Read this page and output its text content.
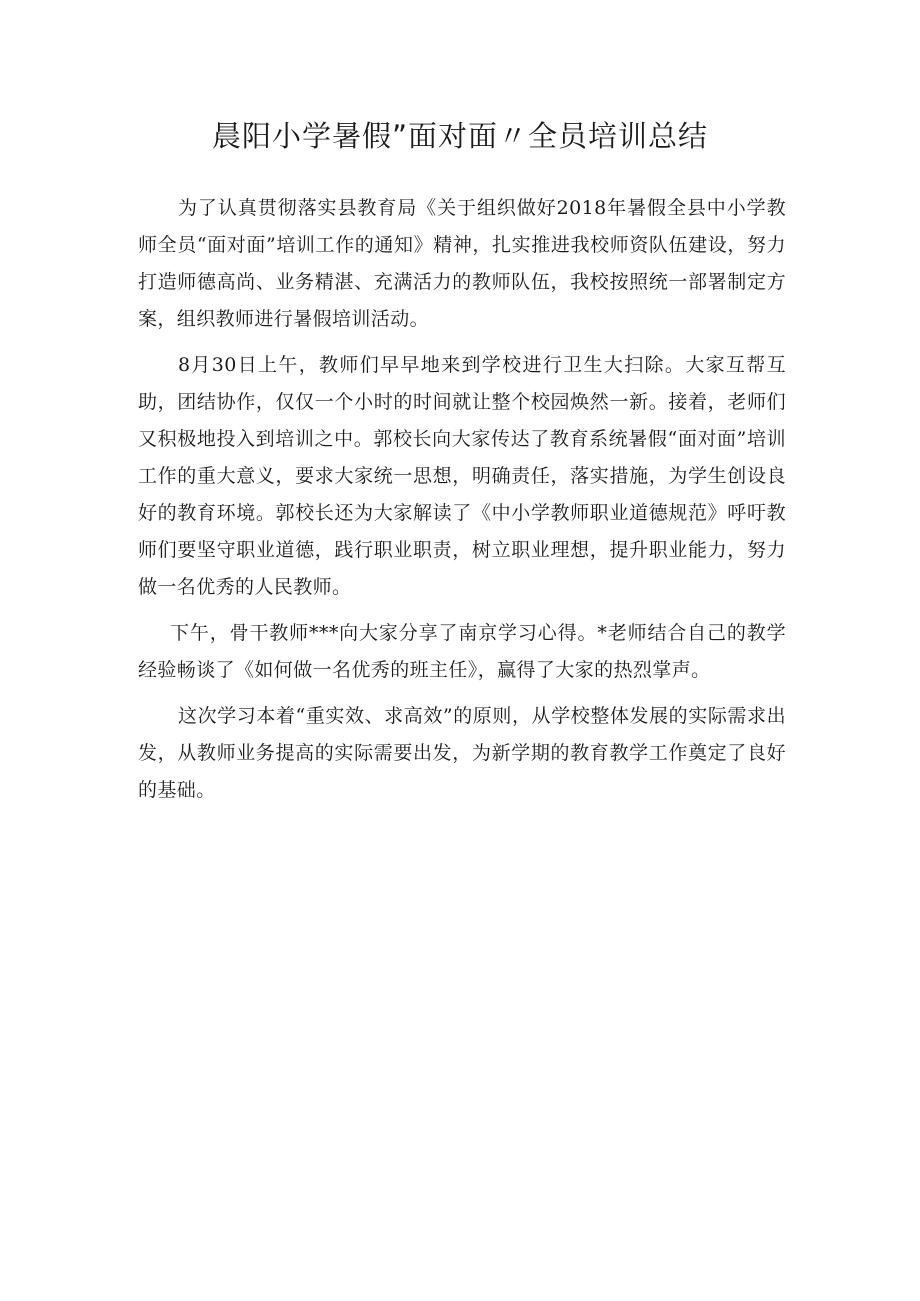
晨阳小学暑假”面对面〃全员培训总结

为了认真贯彻落实县教育局《关于组织做好2018年暑假全县中小学教师全员“面对面”培训工作的通知》精神，扎实推进我校师资队伍建设，努力打造师德高尚、业务精湛、充满活力的教师队伍，我校按照统一部署制定方案，组织教师进行暑假培训活动。

8月30日上午，教师们早早地来到学校进行卫生大扫除。大家互帮互助，团结协作，仅仅一个小时的时间就让整个校园焕然一新。接着，老师们又积极地投入到培训之中。郭校长向大家传达了教育系统暑假“面对面”培训工作的重大意义，要求大家统一思想，明确责任，落实措施，为学生创设良好的教育环境。郭校长还为大家解读了《中小学教师职业道德规范》呼吁教师们要坚守职业道德，践行职业职责，树立职业理想，提升职业能力，努力做一名优秀的人民教师。

下午，骨干教师***向大家分享了南京学习心得。*老师结合自己的教学经验畅谈了《如何做一名优秀的班主任》，赢得了大家的热烈掌声。

这次学习本着“重实效、求高效”的原则，从学校整体发展的实际需求出发，从教师业务提高的实际需要出发，为新学期的教育教学工作奠定了良好的基础。
